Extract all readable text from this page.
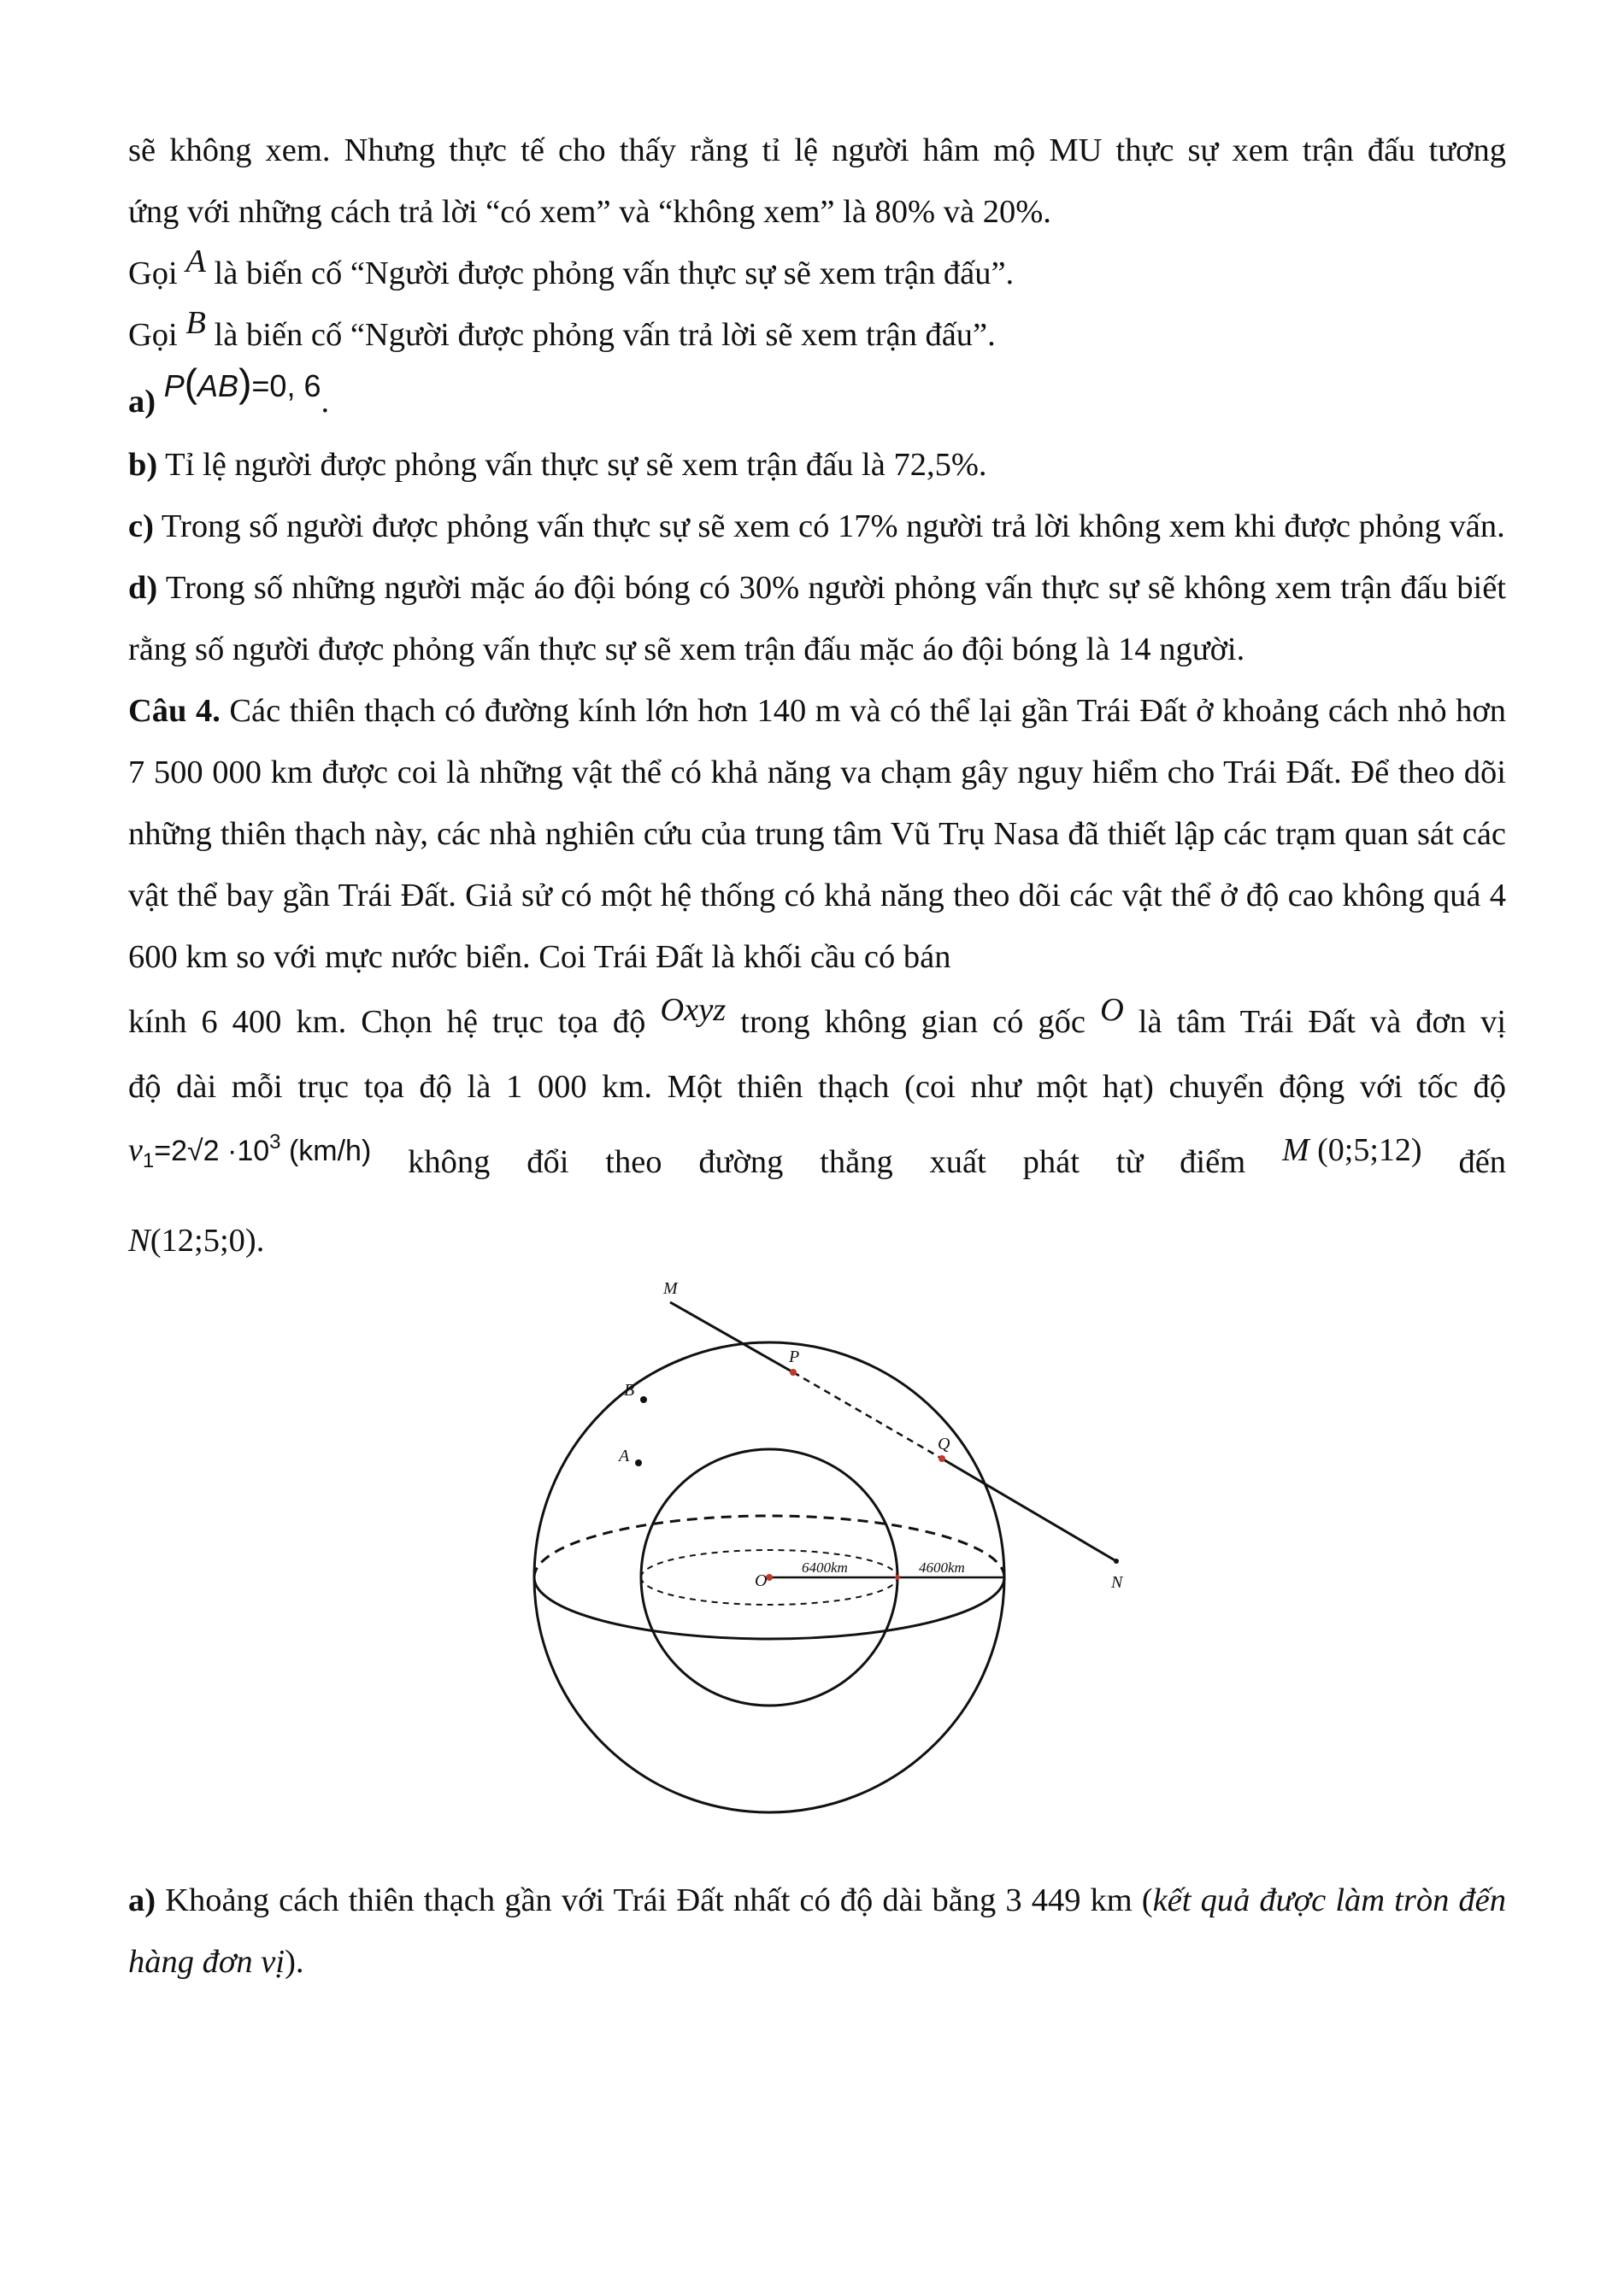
sẽ không xem. Nhưng thực tế cho thấy rằng tỉ lệ người hâm mộ MU thực sự xem trận đấu tương

ứng với những cách trả lời “có xem” và “không xem” là 80% và 20%.

Gọi A là biến cố “Người được phỏng vấn thực sự sẽ xem trận đấu”.

Gọi B là biến cố “Người được phỏng vấn trả lời sẽ xem trận đấu”.

a) P(AB)=0, 6.

b) Tỉ lệ người được phỏng vấn thực sự sẽ xem trận đấu là 72,5%.

c) Trong số người được phỏng vấn thực sự sẽ xem có 17% người trả lời không xem khi được phỏng vấn.

d) Trong số những người mặc áo đội bóng có 30% người phỏng vấn thực sự sẽ không xem trận đấu biết rằng số người được phỏng vấn thực sự sẽ xem trận đấu mặc áo đội bóng là 14 người.

Câu 4. Các thiên thạch có đường kính lớn hơn 140 m và có thể lại gần Trái Đất ở khoảng cách nhỏ hơn 7 500 000 km được coi là những vật thể có khả năng va chạm gây nguy hiểm cho Trái Đất. Để theo dõi những thiên thạch này, các nhà nghiên cứu của trung tâm Vũ Trụ Nasa đã thiết lập các trạm quan sát các vật thể bay gần Trái Đất. Giả sử có một hệ thống có khả năng theo dõi các vật thể ở độ cao không quá 4 600 km so với mực nước biển. Coi Trái Đất là khối cầu có bán

kính 6 400 km. Chọn hệ trục tọa độ Oxyz trong không gian có gốc O là tâm Trái Đất và đơn vị

độ dài mỗi trục tọa độ là 1 000 km. Một thiên thạch (coi như một hạt) chuyển động với tốc độ

$v_1=2√2 \cdot 10^3$ (km/h) không đổi theo đường thẳng xuất phát từ điểm M (0;5;12) đến

N(12;5;0).

M
P
B
A
Q
O	N
6400km	4600km

a) Khoảng cách thiên thạch gần với Trái Đất nhất có độ dài bằng 3 449 km (kết quả được làm tròn đến hàng đơn vị).
